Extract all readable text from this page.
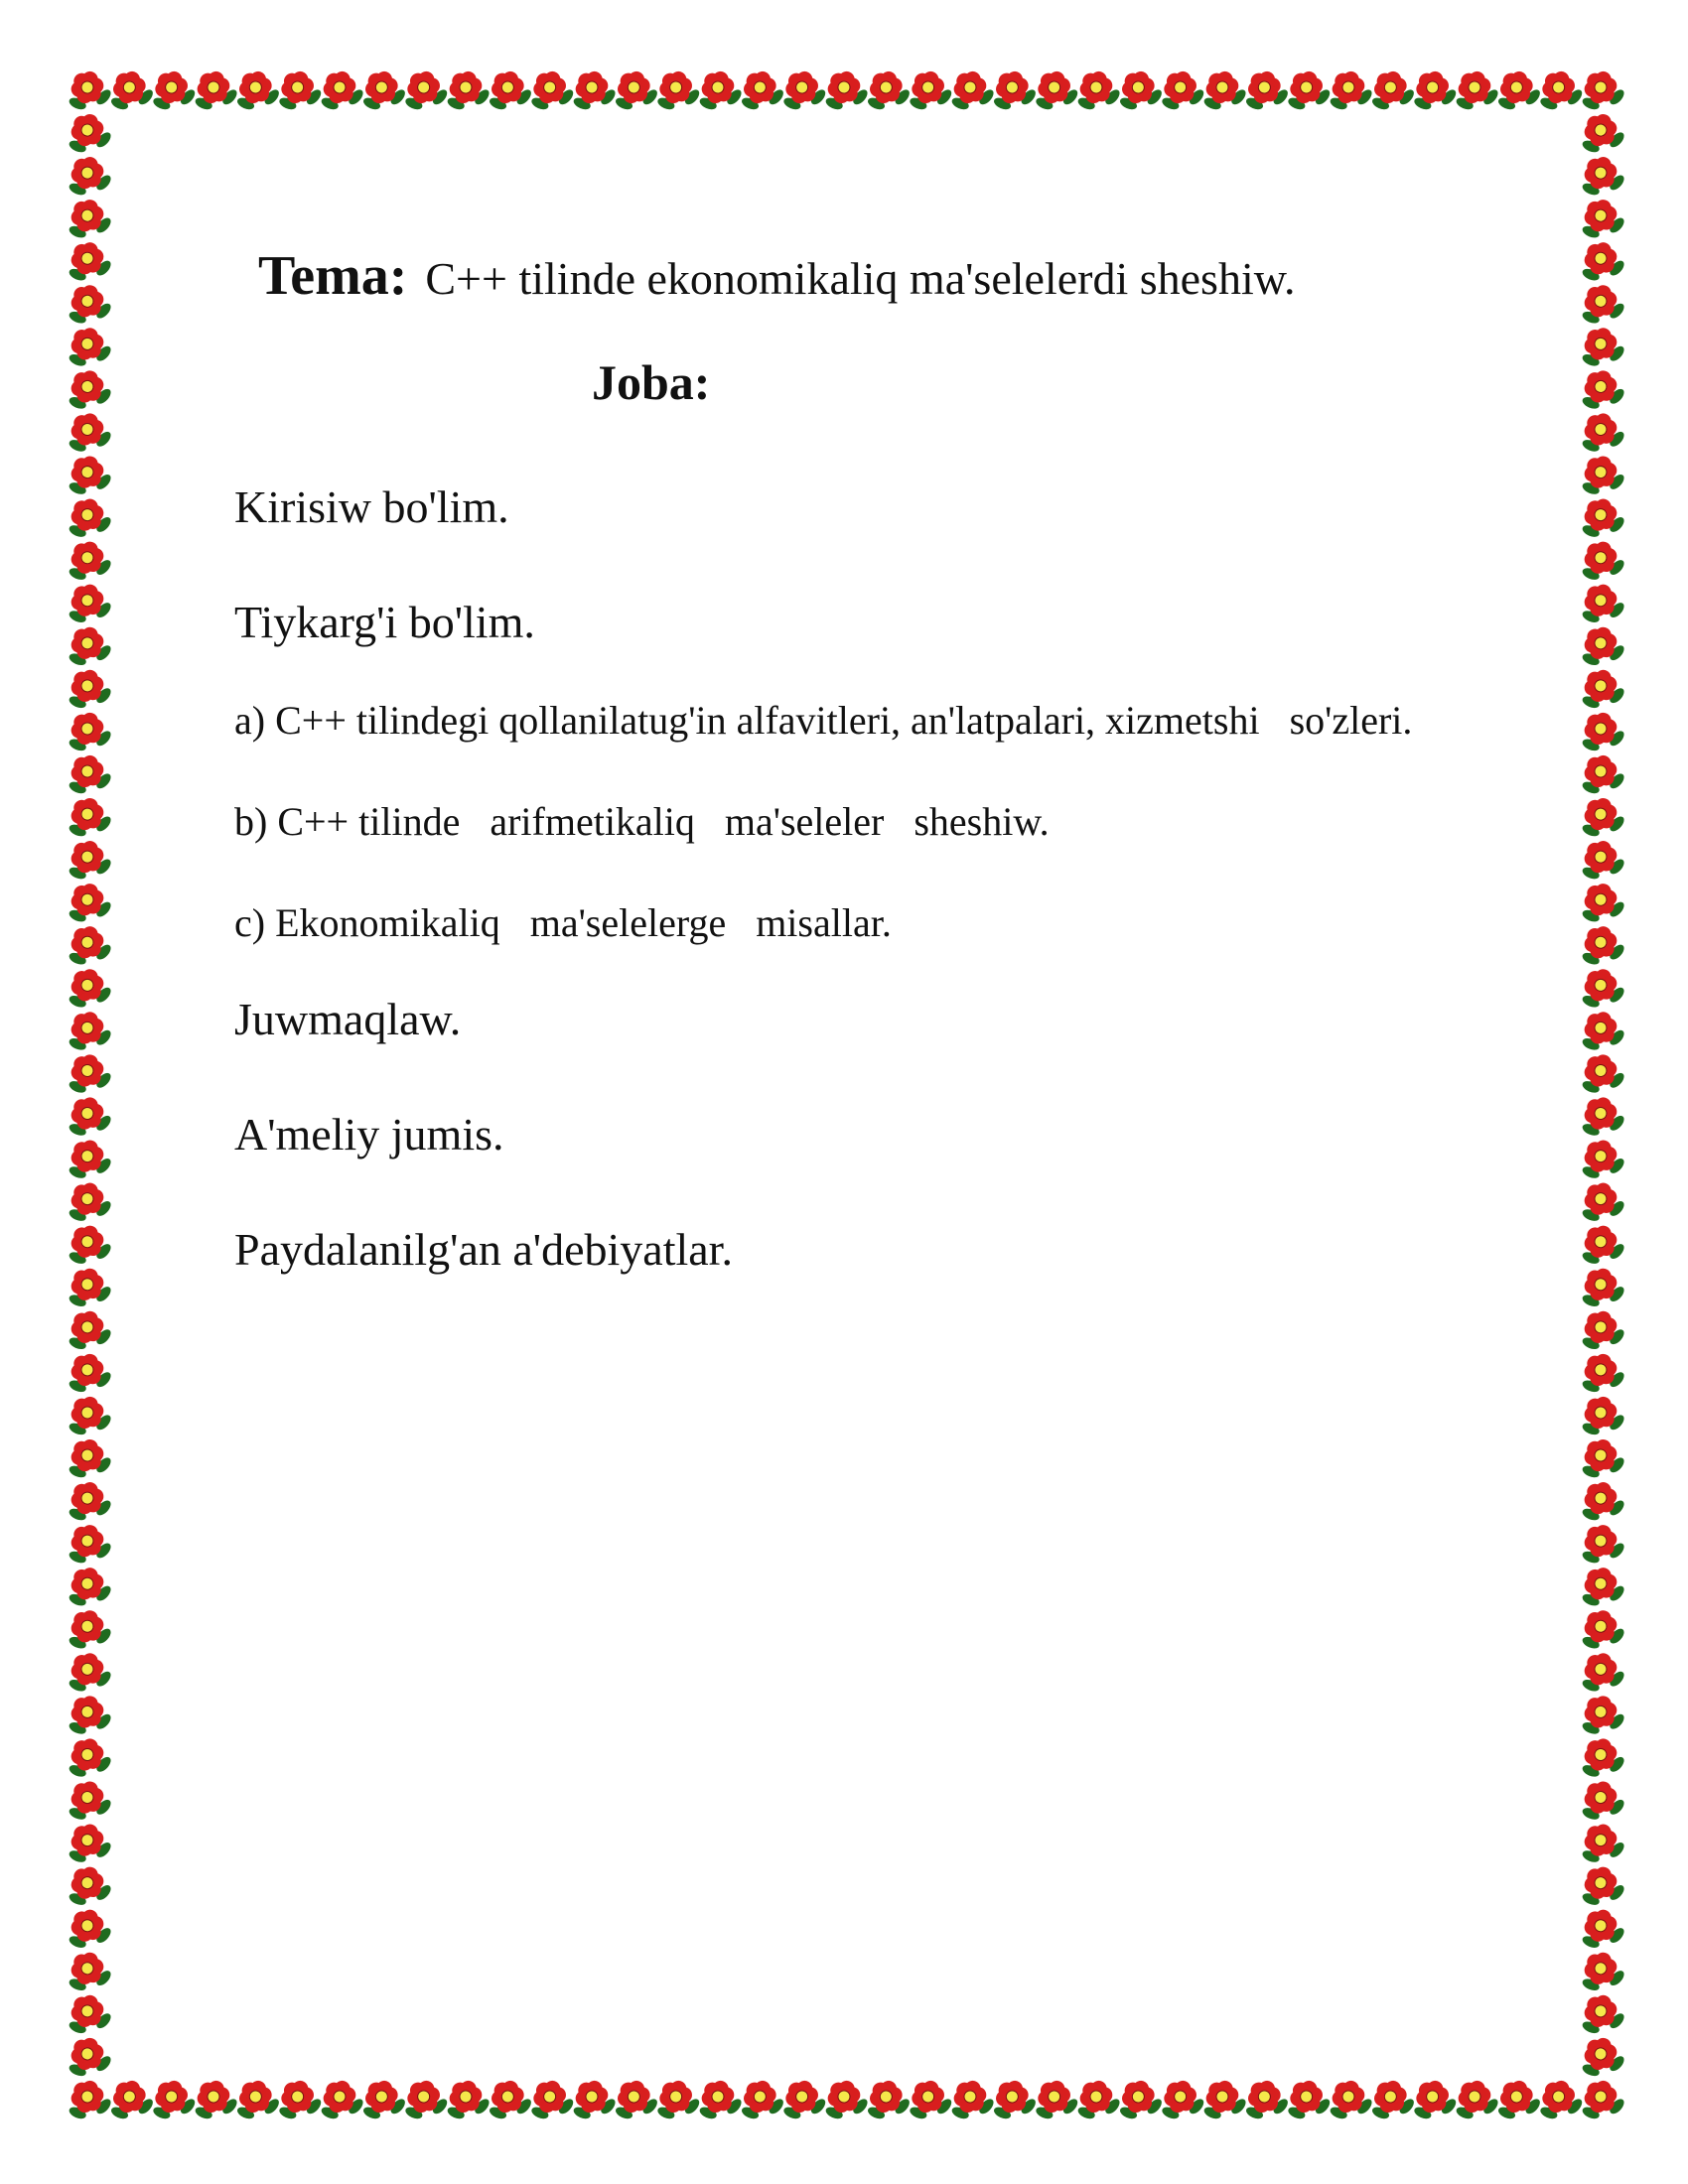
Tema: C++ tilinde ekonomikaliq ma'selelerdi sheshiw.

Joba:
Kirisiw bo'lim.
Tiykarg'i bo'lim.
a) C++ tilindegi qollanilatug'in alfavitleri, an'latpalari, xizmetshi   so'zleri.
b) C++ tilinde   arifmetikaliq   ma'seleler   sheshiw.
c) Ekonomikaliq   ma'selelerge   misallar.
Juwmaqlaw.
A'meliy jumis.
Paydalanilg'an a'debiyatlar.
